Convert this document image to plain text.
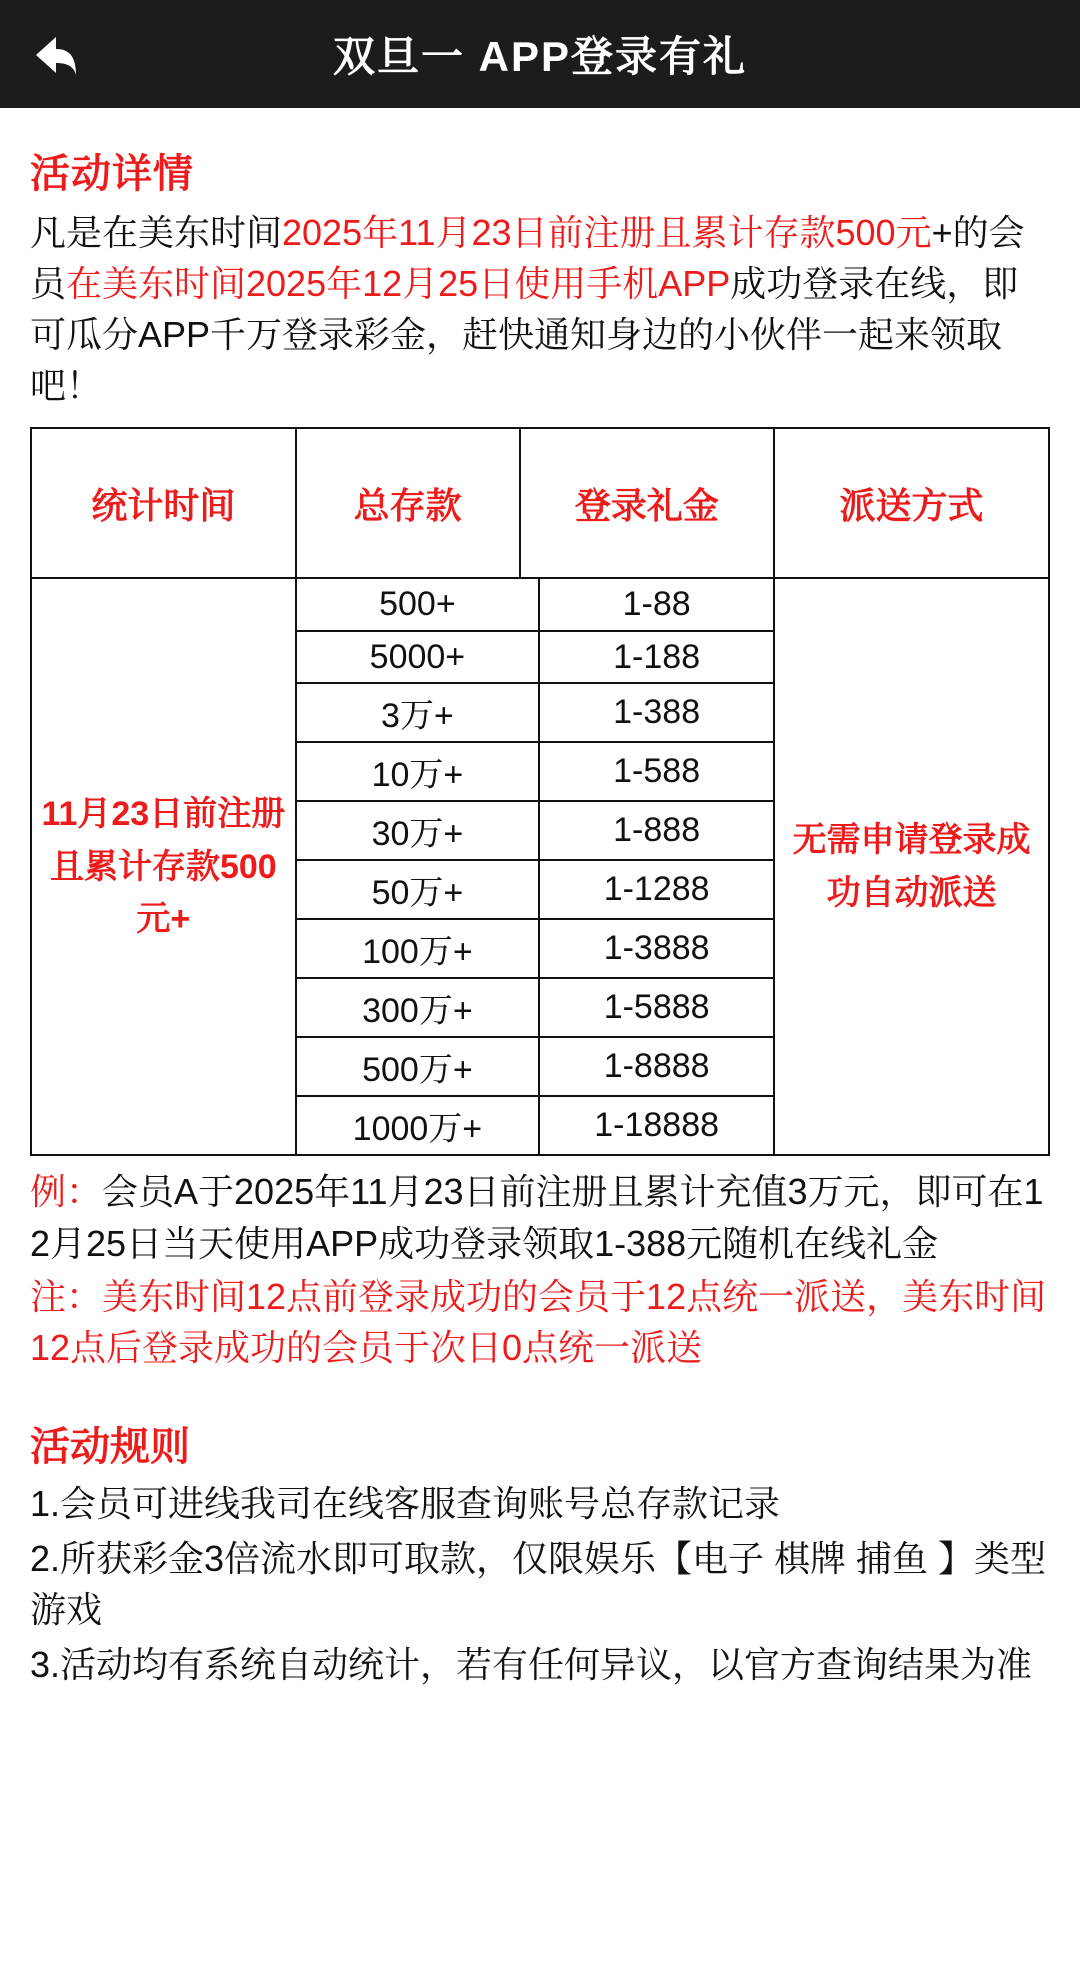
双旦一 APP登录有礼
活动详情

凡是在美东时间2025年11月23日前注册且累计存款500元+的会员在美东时间2025年12月25日使用手机APP成功登录在线，即可瓜分APP千万登录彩金，赶快通知身边的小伙伴一起来领取吧！

统计时间	总存款	登录礼金	派送方式
11月23日前注册且累计存款500元+	
500+	1-88
5000+	1-188
3万+	1-388
10万+	1-588
30万+	1-888
50万+	1-1288
100万+	1-3888
300万+	1-5888
500万+	1-8888
1000万+	1-18888
	无需申请登录成功自动派送

例：会员A于2025年11月23日前注册且累计充值3万元，即可在12月25日当天使用APP成功登录领取1-388元随机在线礼金

注：美东时间12点前登录成功的会员于12点统一派送，美东时间12点后登录成功的会员于次日0点统一派送

活动规则

1.会员可进线我司在线客服查询账号总存款记录

2.所获彩金3倍流水即可取款，仅限娱乐【电子 棋牌 捕鱼 】类型游戏

3.活动均有系统自动统计，若有任何异议，以官方查询结果为准
